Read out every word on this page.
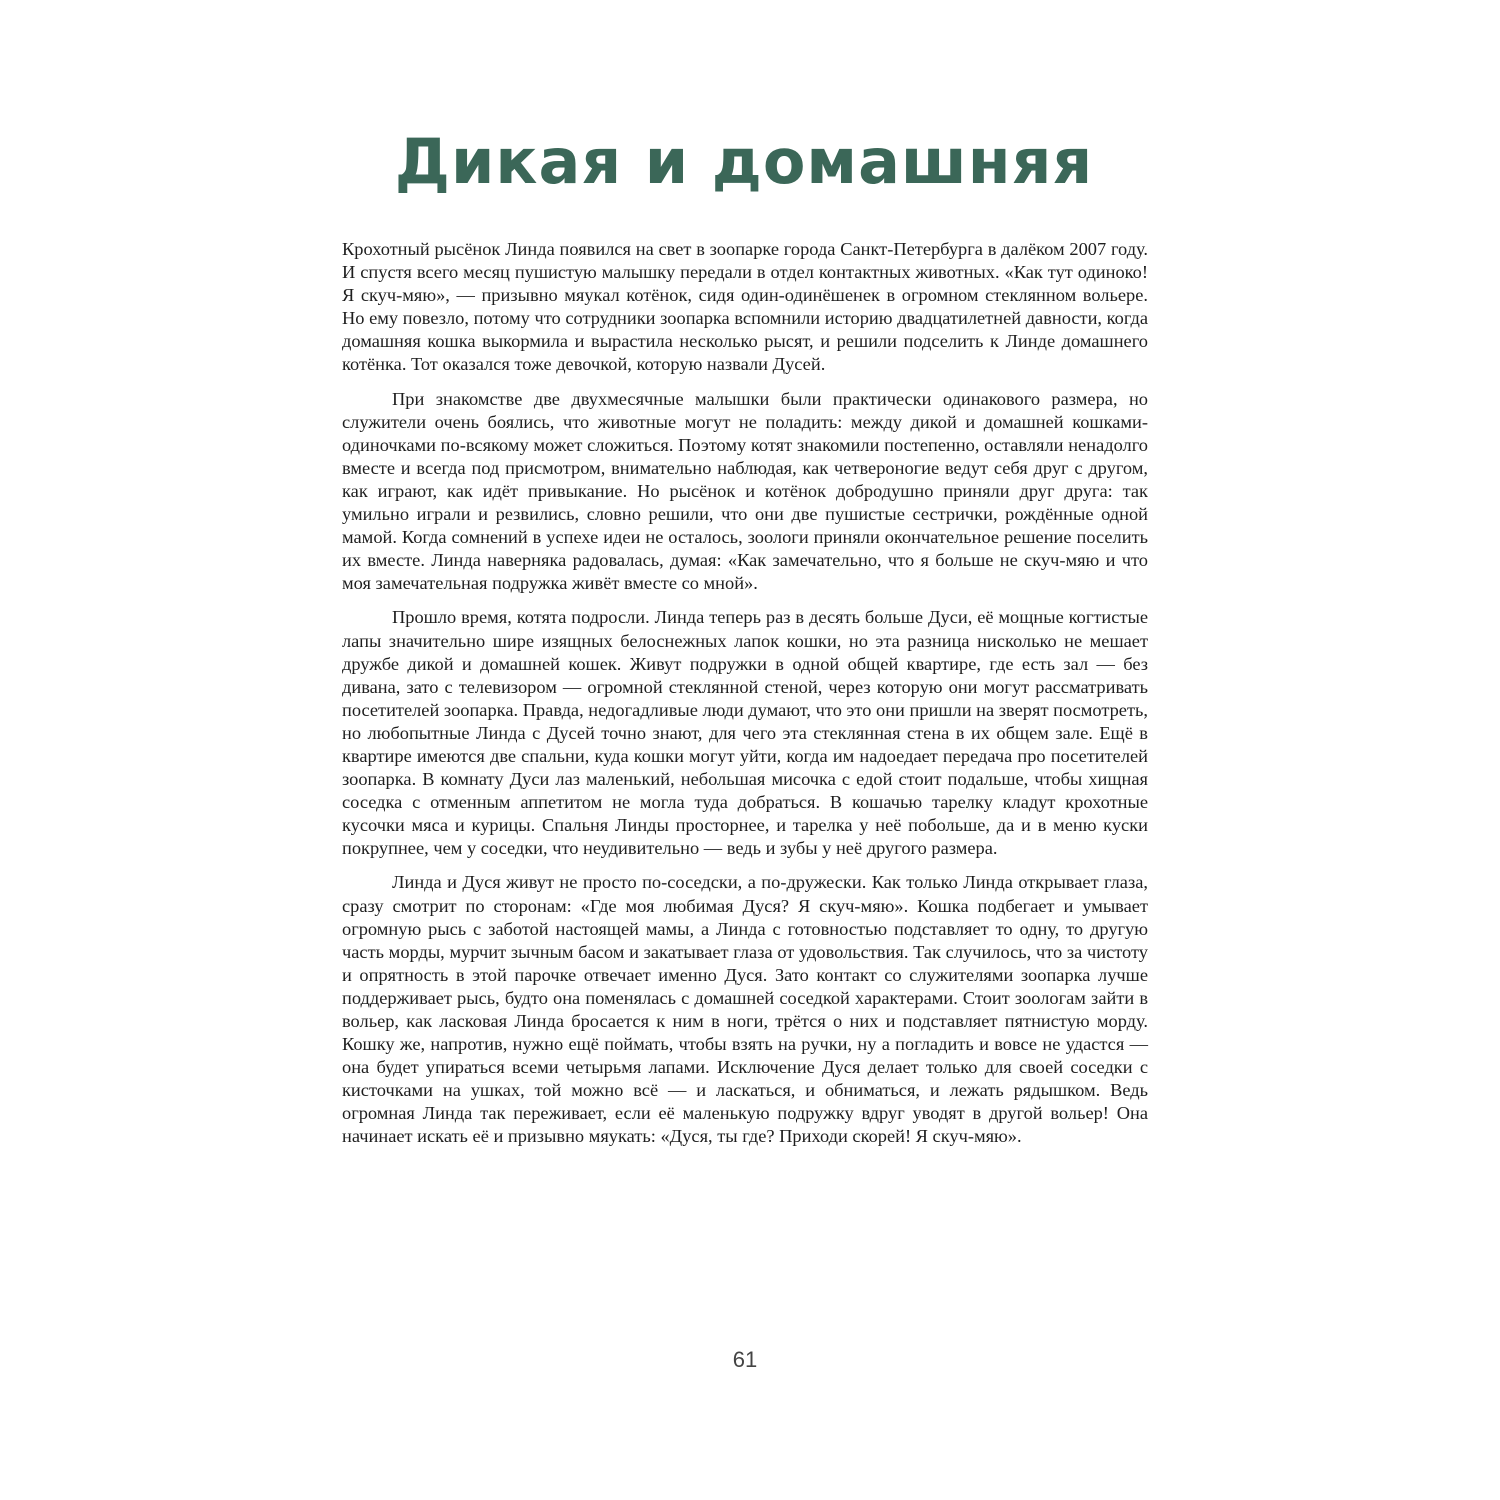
Дикая и домашняя

Крохотный рысёнок Линда появился на свет в зоопарке города Санкт-Петербурга в далёком 2007 году. И спустя всего месяц пушистую малышку передали в отдел контактных животных. «Как тут одиноко! Я скуч-мяю», — призывно мяукал котёнок, сидя один-одинёшенек в огромном стеклянном вольере. Но ему повезло, потому что сотрудники зоопарка вспомнили историю двадцатилетней давности, когда домашняя кошка выкормила и вырастила несколько рысят, и решили подселить к Линде домашнего котёнка. Тот оказался тоже девочкой, которую назвали Дусей.

При знакомстве две двухмесячные малышки были практически одинакового размера, но служители очень боялись, что животные могут не поладить: между дикой и домашней кошками-одиночками по-всякому может сложиться. Поэтому котят знакомили постепенно, оставляли ненадолго вместе и всегда под присмотром, внимательно наблюдая, как четвероногие ведут себя друг с другом, как играют, как идёт привыкание. Но рысёнок и котёнок добродушно приняли друг друга: так умильно играли и резвились, словно решили, что они две пушистые сестрички, рождённые одной мамой. Когда сомнений в успехе идеи не осталось, зоологи приняли окончательное решение поселить их вместе. Линда наверняка радовалась, думая: «Как замечательно, что я больше не скуч-мяю и что моя замечательная подружка живёт вместе со мной».

Прошло время, котята подросли. Линда теперь раз в десять больше Дуси, её мощные когтистые лапы значительно шире изящных белоснежных лапок кошки, но эта разница нисколько не мешает дружбе дикой и домашней кошек. Живут подружки в одной общей квартире, где есть зал — без дивана, зато с телевизором — огромной стеклянной стеной, через которую они могут рассматривать посетителей зоопарка. Правда, недогадливые люди думают, что это они пришли на зверят посмотреть, но любопытные Линда с Дусей точно знают, для чего эта стеклянная стена в их общем зале. Ещё в квартире имеются две спальни, куда кошки могут уйти, когда им надоедает передача про посетителей зоопарка. В комнату Дуси лаз маленький, небольшая мисочка с едой стоит подальше, чтобы хищная соседка с отменным аппетитом не могла туда добраться. В кошачью тарелку кладут крохотные кусочки мяса и курицы. Спальня Линды просторнее, и тарелка у неё побольше, да и в меню куски покрупнее, чем у соседки, что неудивительно — ведь и зубы у неё другого размера.

Линда и Дуся живут не просто по-соседски, а по-дружески. Как только Линда открывает глаза, сразу смотрит по сторонам: «Где моя любимая Дуся? Я скуч-мяю». Кошка подбегает и умывает огромную рысь с заботой настоящей мамы, а Линда с готовностью подставляет то одну, то другую часть морды, мурчит зычным басом и закатывает глаза от удовольствия. Так случилось, что за чистоту и опрятность в этой парочке отвечает именно Дуся. Зато контакт со служителями зоопарка лучше поддерживает рысь, будто она поменялась с домашней соседкой характерами. Стоит зоологам зайти в вольер, как ласковая Линда бросается к ним в ноги, трётся о них и подставляет пятнистую морду. Кошку же, напротив, нужно ещё поймать, чтобы взять на ручки, ну а погладить и вовсе не удастся — она будет упираться всеми четырьмя лапами. Исключение Дуся делает только для своей соседки с кисточками на ушках, той можно всё — и ласкаться, и обниматься, и лежать рядышком. Ведь огромная Линда так переживает, если её маленькую подружку вдруг уводят в другой вольер! Она начинает искать её и призывно мяукать: «Дуся, ты где? Приходи скорей! Я скуч-мяю».

61
